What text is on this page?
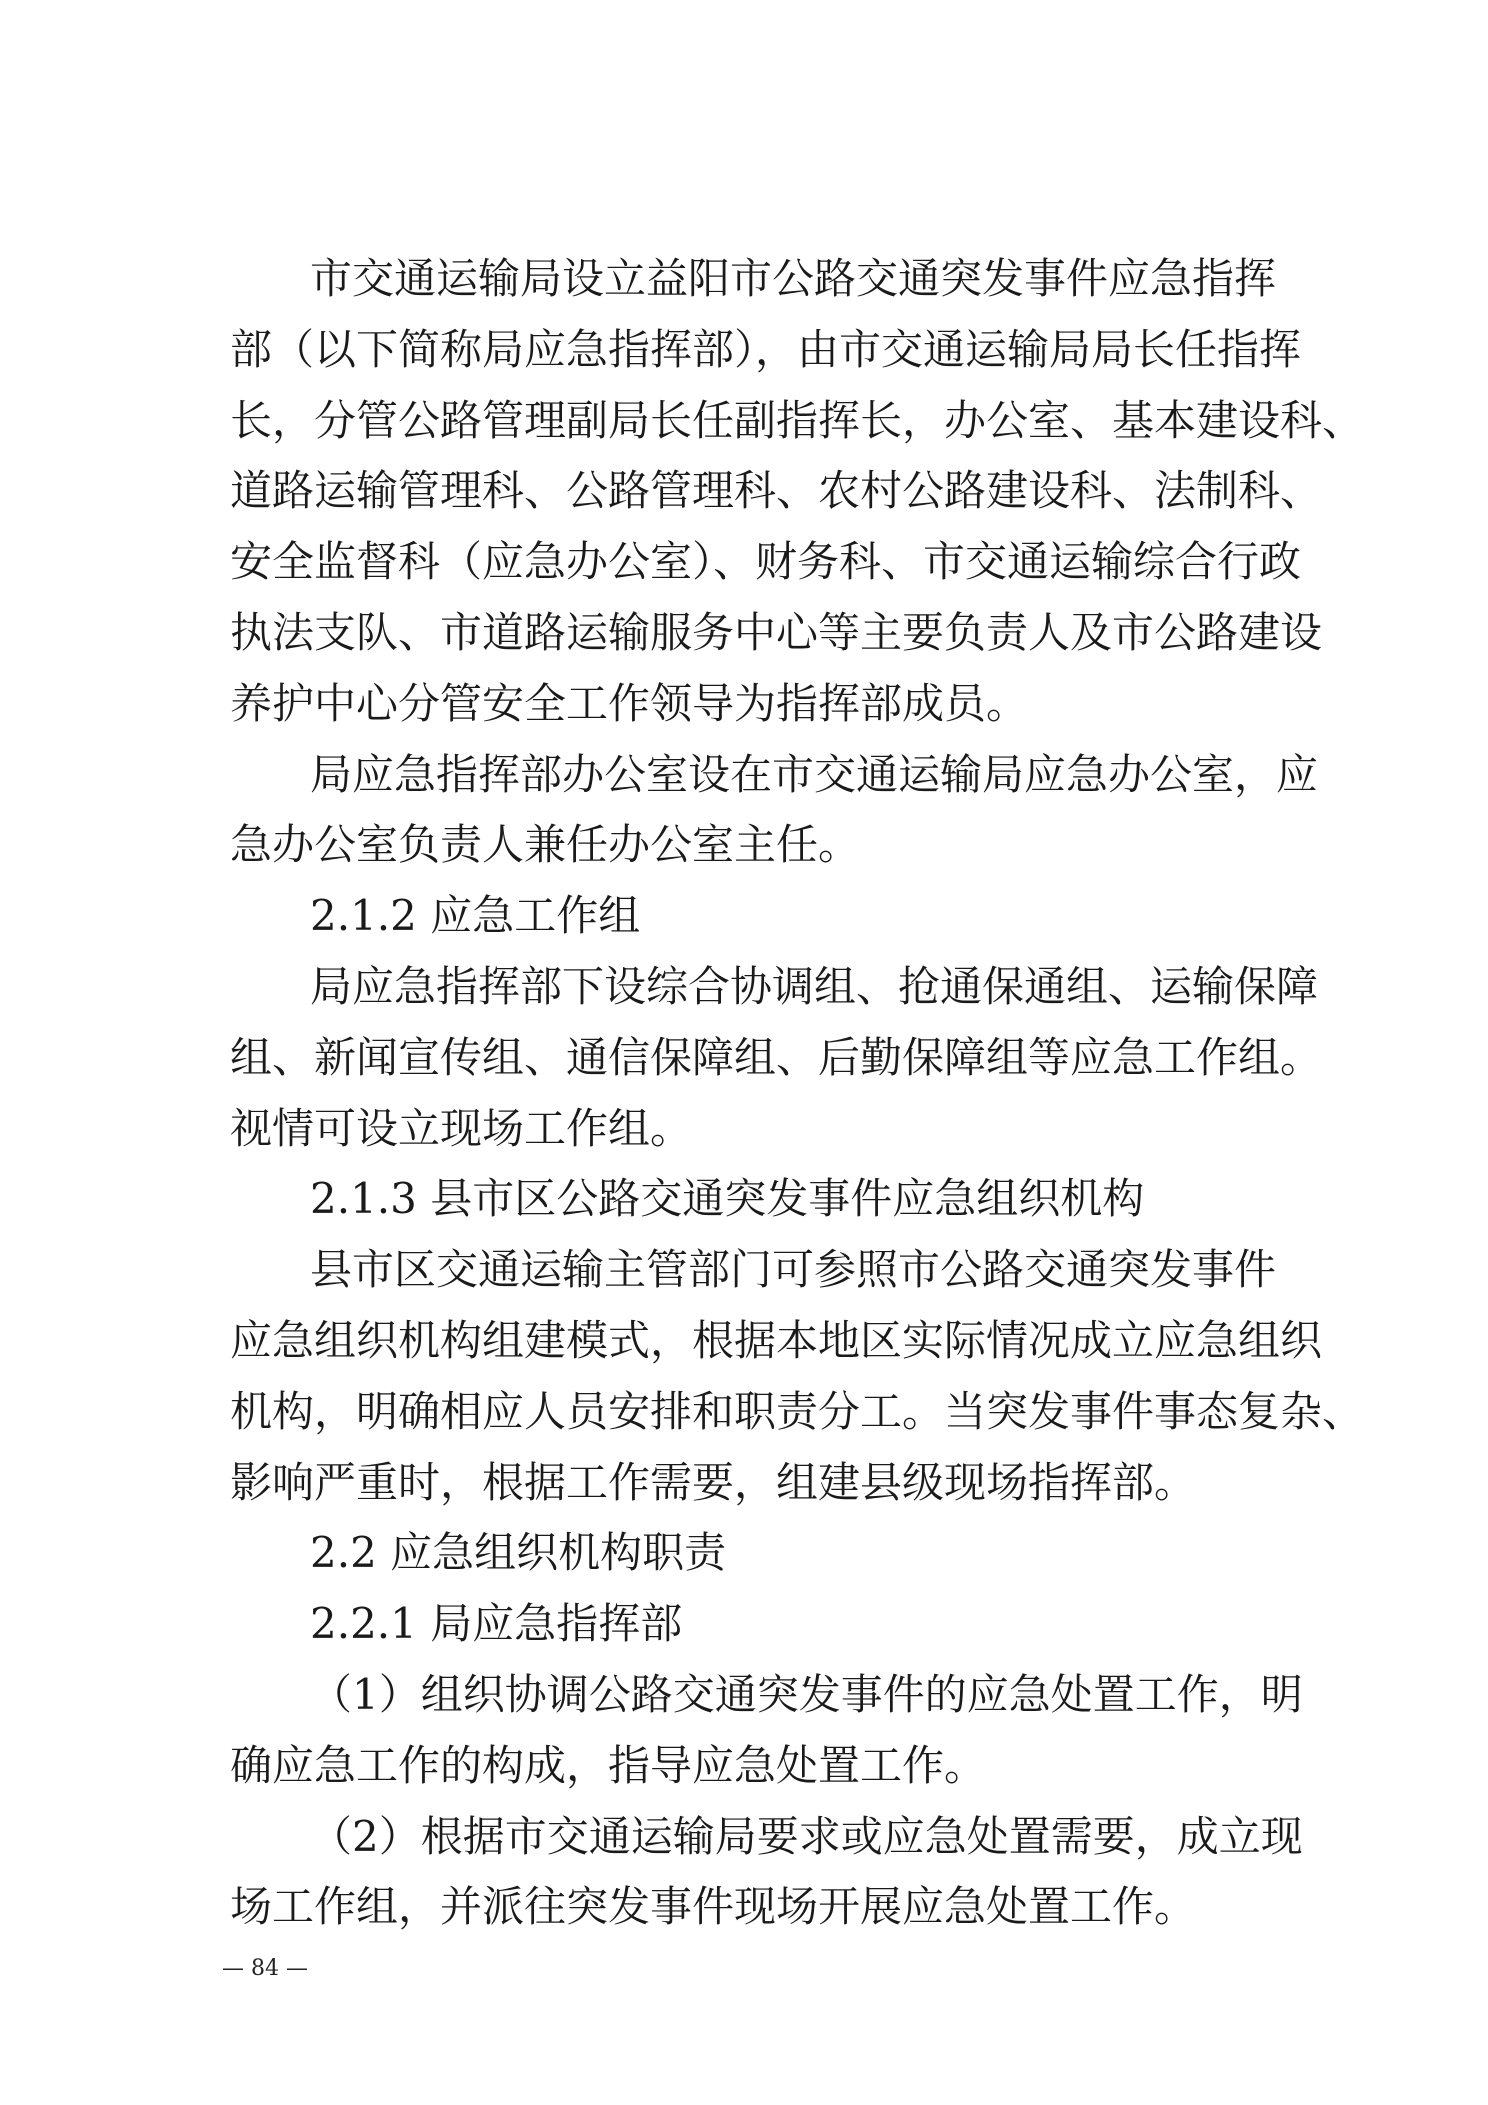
市交通运输局设立益阳市公路交通突发事件应急指挥
部（以下简称局应急指挥部），由市交通运输局局长任指挥
长，分管公路管理副局长任副指挥长，办公室、基本建设科、
道路运输管理科、公路管理科、农村公路建设科、法制科、
安全监督科（应急办公室）、财务科、市交通运输综合行政
执法支队、市道路运输服务中心等主要负责人及市公路建设
养护中心分管安全工作领导为指挥部成员。
局应急指挥部办公室设在市交通运输局应急办公室，应
急办公室负责人兼任办公室主任。
2.1.2 应急工作组
局应急指挥部下设综合协调组、抢通保通组、运输保障
组、新闻宣传组、通信保障组、后勤保障组等应急工作组。
视情可设立现场工作组。
2.1.3 县市区公路交通突发事件应急组织机构
县市区交通运输主管部门可参照市公路交通突发事件
应急组织机构组建模式，根据本地区实际情况成立应急组织
机构，明确相应人员安排和职责分工。当突发事件事态复杂、
影响严重时，根据工作需要，组建县级现场指挥部。
2.2 应急组织机构职责
2.2.1 局应急指挥部
（1）组织协调公路交通突发事件的应急处置工作，明
确应急工作的构成，指导应急处置工作。
（2）根据市交通运输局要求或应急处置需要，成立现
场工作组，并派往突发事件现场开展应急处置工作。
— 84 —
